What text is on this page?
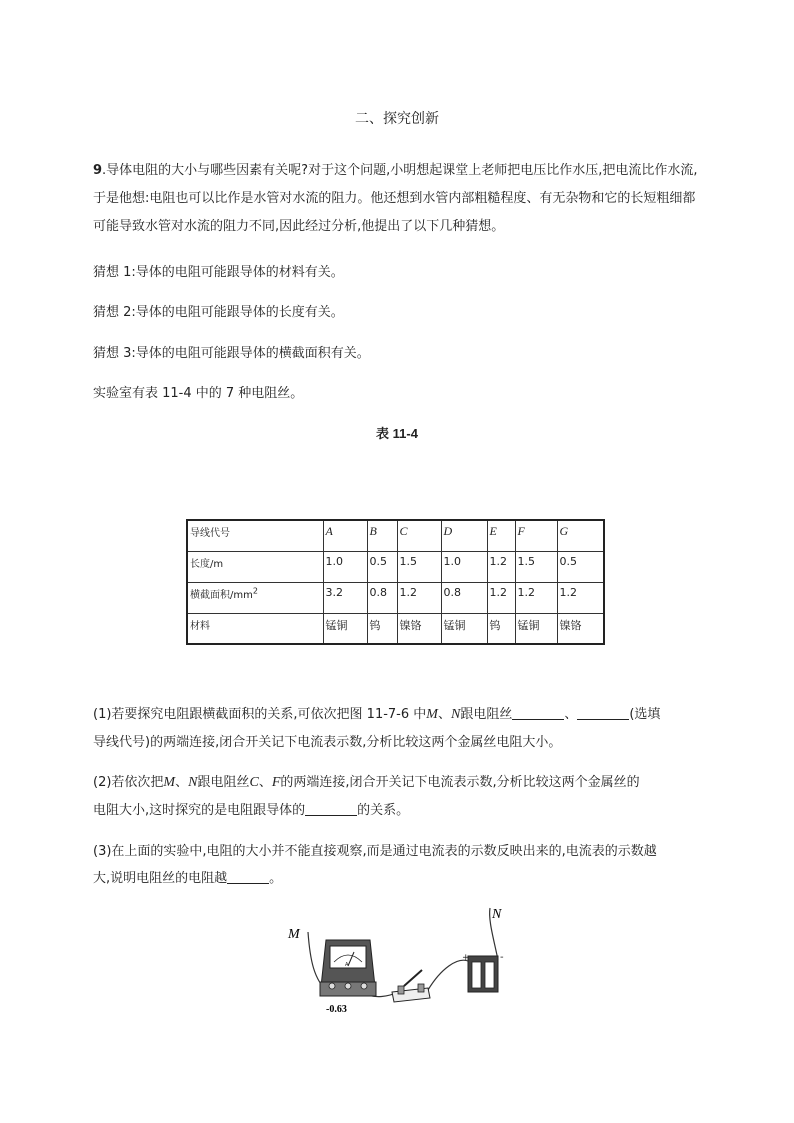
二、探究创新
9.导体电阻的大小与哪些因素有关呢?对于这个问题,小明想起课堂上老师把电压比作水压,把电流比作水流,于是他想:电阻也可以比作是水管对水流的阻力。他还想到水管内部粗糙程度、有无杂物和它的长短粗细都可能导致水管对水流的阻力不同,因此经过分析,他提出了以下几种猜想。
猜想 1:导体的电阻可能跟导体的材料有关。
猜想 2:导体的电阻可能跟导体的长度有关。
猜想 3:导体的电阻可能跟导体的横截面积有关。
实验室有表 11-4 中的 7 种电阻丝。
表 11-4
导线代号	A	B	C	D	E	F	G
长度/m	1.0	0.5	1.5	1.0	1.2	1.5	0.5
横截面积$/mm^2$	3.2	0.8	1.2	0.8	1.2	1.2	1.2
材料	锰铜	钨	镍铬	锰铜	钨	锰铜	镍铬
(1)若要探究电阻跟横截面积的关系,可依次把图 11-7-6 中M、N跟电阻丝	、	(选填
导线代号)的两端连接,闭合开关记下电流表示数,分析比较这两个金属丝电阻大小。
(2)若依次把M、N跟电阻丝C、F的两端连接,闭合开关记下电流表示数,分析比较这两个金属丝的
电阻大小,这时探究的是电阻跟导体的	的关系。
(3)在上面的实验中,电阻的大小并不能直接观察,而是通过电流表的示数反映出来的,电流表的示数越
大,说明电阻丝的电阻越	。
M
N
A
-0.63
+	-
